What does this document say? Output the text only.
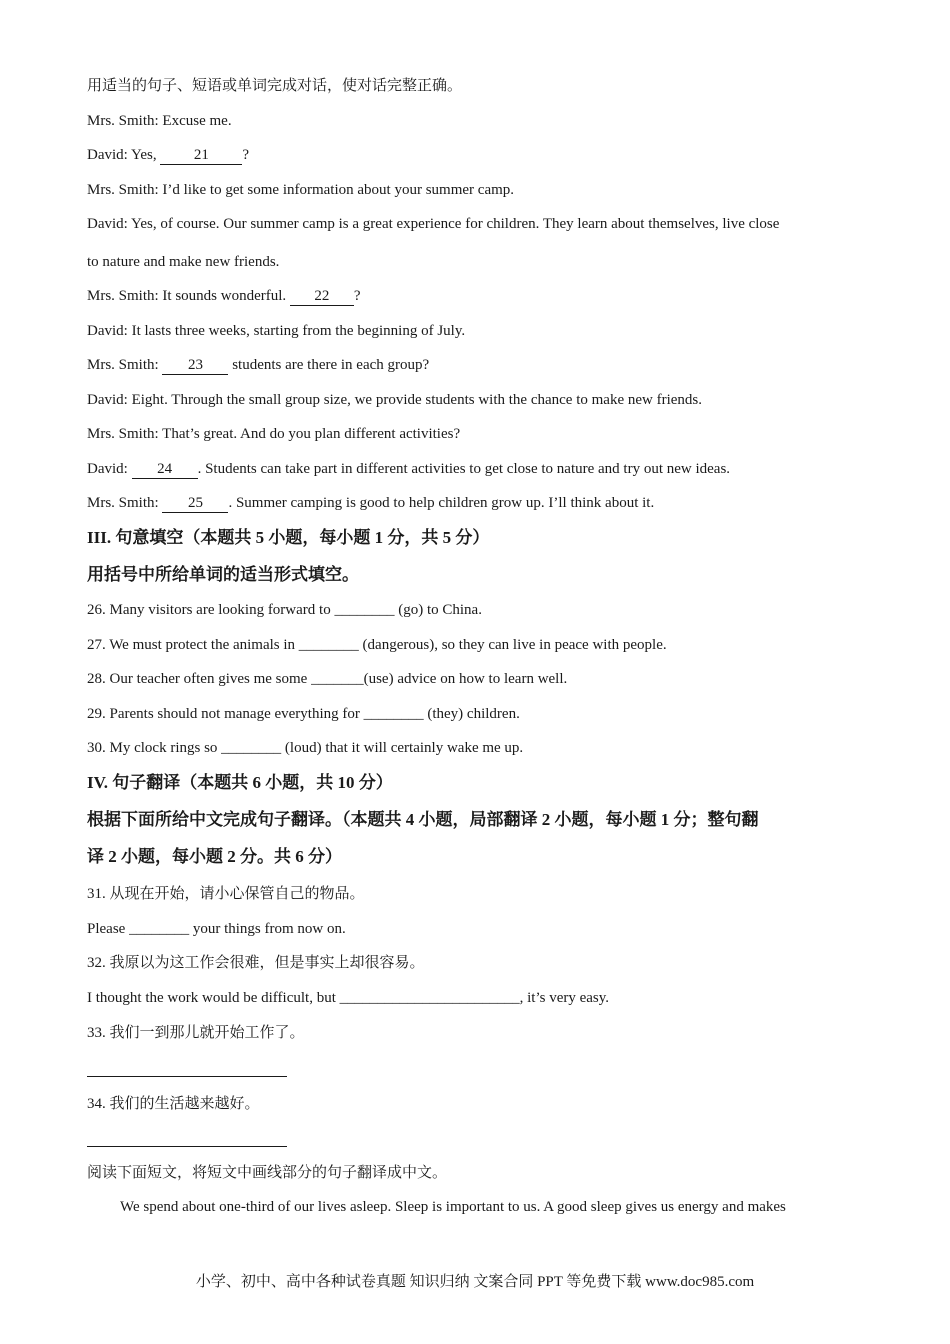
用适当的句子、短语或单词完成对话，使对话完整正确。
Mrs. Smith: Excuse me.
David: Yes, 21 ?
Mrs. Smith: I’d like to get some information about your summer camp.
David: Yes, of course. Our summer camp is a great experience for children. They learn about themselves, live close
to nature and make new friends.
Mrs. Smith: It sounds wonderful. 22 ?
David: It lasts three weeks, starting from the beginning of July.
Mrs. Smith: 23 students are there in each group?
David: Eight. Through the small group size, we provide students with the chance to make new friends.
Mrs. Smith: That’s great. And do you plan different activities?
David: 24 . Students can take part in different activities to get close to nature and try out new ideas.
Mrs. Smith: 25 . Summer camping is good to help children grow up. I’ll think about it.
III. 句意填空（本题共 5 小题，每小题 1 分，共 5 分）
用括号中所给单词的适当形式填空。
26. Many visitors are looking forward to ________ (go) to China.
27. We must protect the animals in ________ (dangerous), so they can live in peace with people.
28. Our teacher often gives me some _______(use) advice on how to learn well.
29. Parents should not manage everything for ________ (they) children.
30. My clock rings so ________ (loud) that it will certainly wake me up.
IV. 句子翻译（本题共 6 小题，共 10 分）
根据下面所给中文完成句子翻译。（本题共 4 小题，局部翻译 2 小题，每小题 1 分；整句翻
译 2 小题，每小题 2 分。共 6 分）
31. 从现在开始，请小心保管自己的物品。
Please ________ your things from now on.
32. 我原以为这工作会很难，但是事实上却很容易。
I thought the work would be difficult, but ________________________, it’s very easy.
33. 我们一到那儿就开始工作了。
34. 我们的生活越来越好。
阅读下面短文，将短文中画线部分的句子翻译成中文。
We spend about one-third of our lives asleep. Sleep is important to us. A good sleep gives us energy and makes
小学、初中、高中各种试卷真题 知识归纳 文案合同 PPT 等免费下载 www.doc985.com
